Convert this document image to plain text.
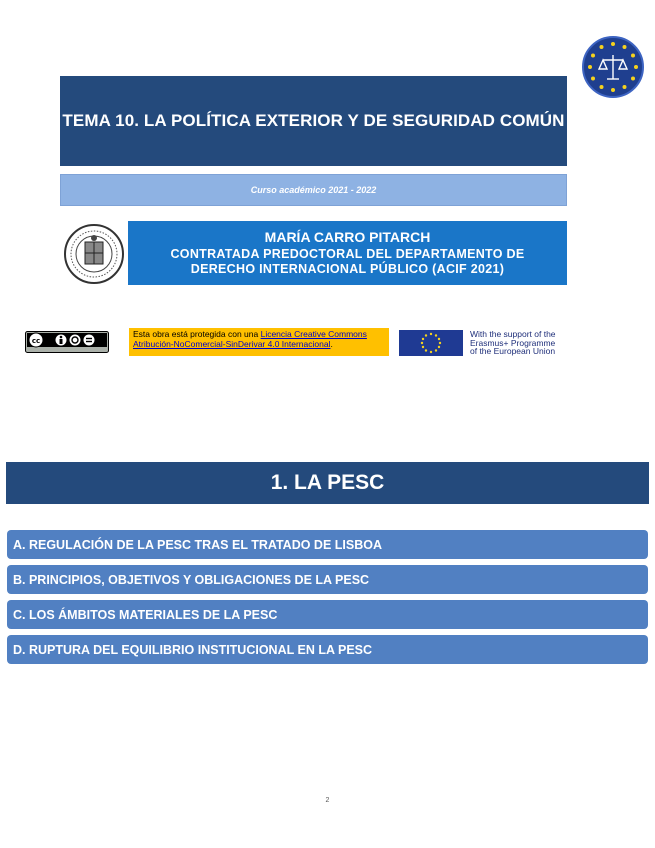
TEMA 10. LA POLÍTICA EXTERIOR Y DE SEGURIDAD COMÚN
Curso académico 2021 - 2022
MARÍA CARRO PITARCH
CONTRATADA PREDOCTORAL DEL DEPARTAMENTO DE
DERECHO INTERNACIONAL PÚBLICO (ACIF 2021)
cc
Esta obra está protegida con una Licencia Creative Commons Atribución-NoComercial-SinDerivar 4.0 Internacional.
With the support of the
Erasmus+ Programme
of the European Union
1. LA PESC
A. REGULACIÓN DE LA PESC TRAS EL TRATADO DE LISBOA
B. PRINCIPIOS, OBJETIVOS Y OBLIGACIONES DE LA PESC
C. LOS ÁMBITOS MATERIALES DE LA PESC
D. RUPTURA DEL EQUILIBRIO INSTITUCIONAL EN LA PESC
2
